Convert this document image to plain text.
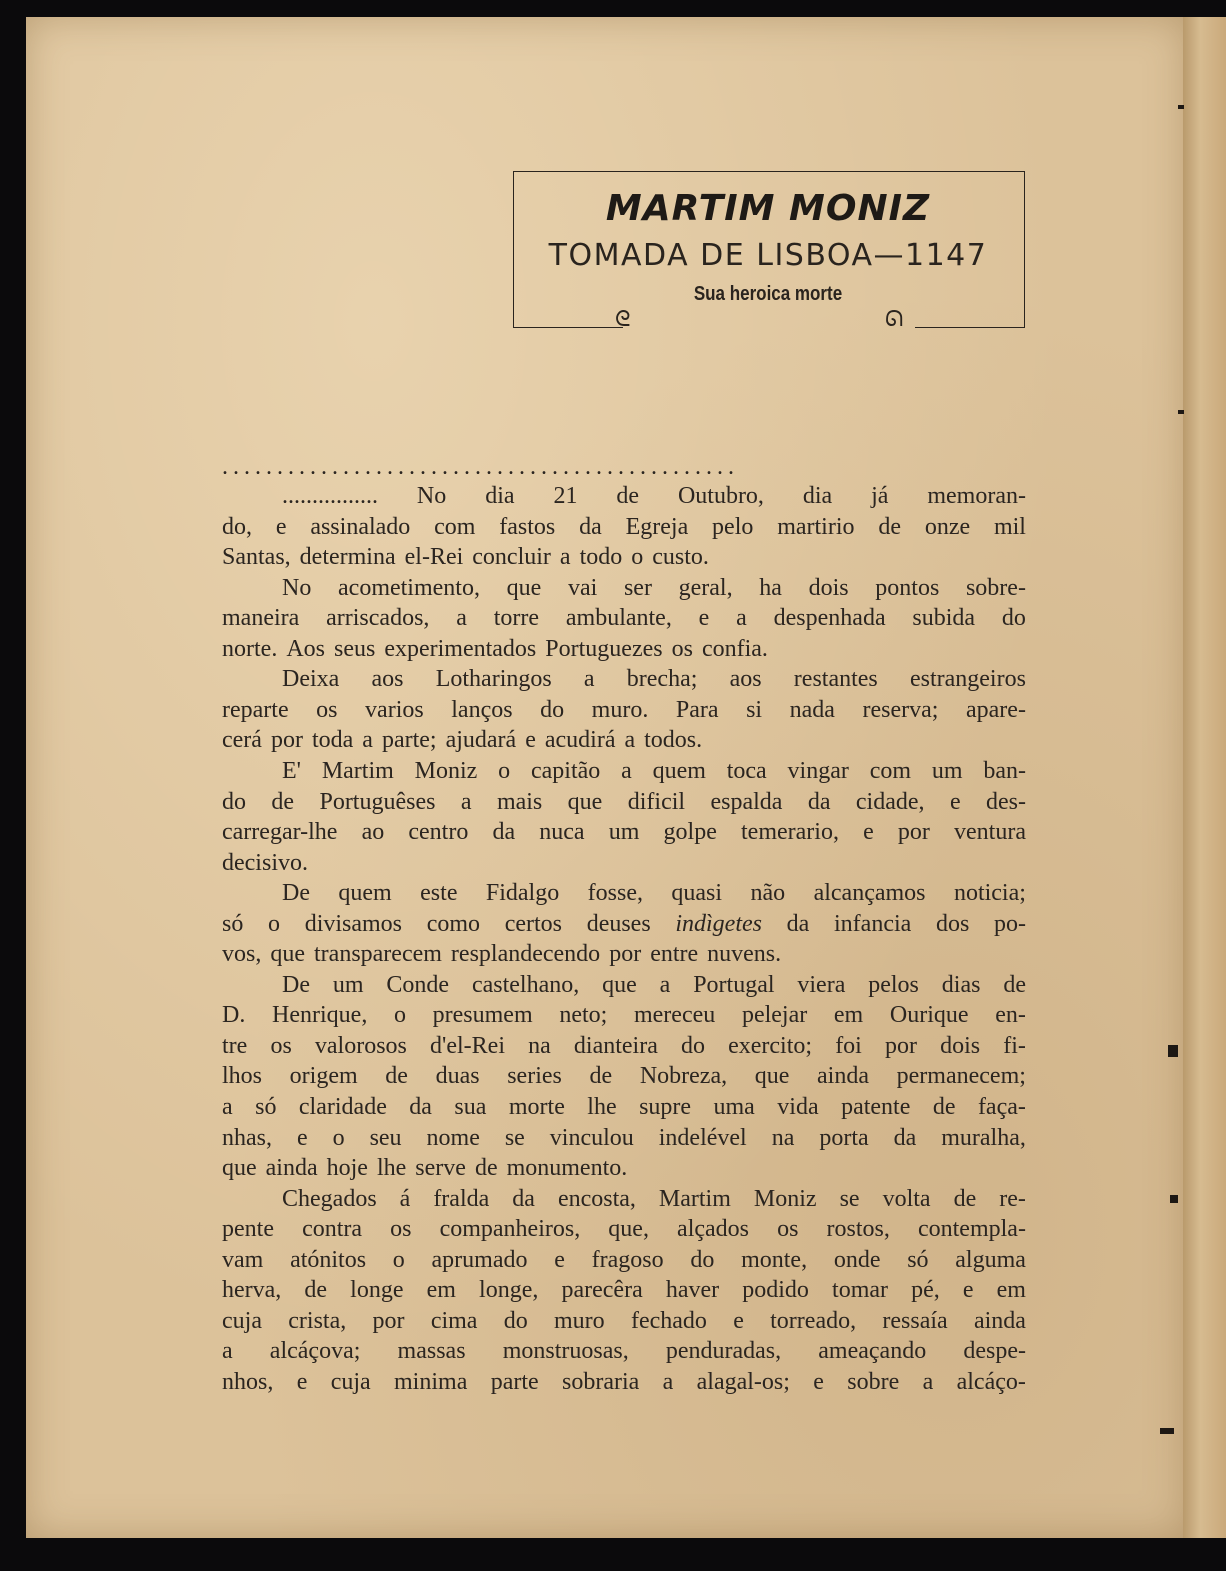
ᘓ	ᘏ
MARTIM MONIZ
TOMADA DE LISBOA—1147
Sua heroica morte
...............................................
................ No dia 21 de Outubro, dia já memoran-
do, e assinalado com fastos da Egreja pelo martirio de onze mil
Santas, determina el-Rei concluir a todo o custo.
No acometimento, que vai ser geral, ha dois pontos sobre-
maneira arriscados, a torre ambulante, e a despenhada subida do
norte. Aos seus experimentados Portuguezes os confia.
Deixa aos Lotharingos a brecha; aos restantes estrangeiros
reparte os varios lanços do muro. Para si nada reserva; apare-
cerá por toda a parte; ajudará e acudirá a todos.
E' Martim Moniz o capitão a quem toca vingar com um ban-
do de Portuguêses a mais que dificil espalda da cidade, e des-
carregar-lhe ao centro da nuca um golpe temerario, e por ventura
decisivo.
De quem este Fidalgo fosse, quasi não alcançamos noticia;
só o divisamos como certos deuses indìgetes da infancia dos po-
vos, que transparecem resplandecendo por entre nuvens.
De um Conde castelhano, que a Portugal viera pelos dias de
D. Henrique, o presumem neto; mereceu pelejar em Ourique en-
tre os valorosos d'el-Rei na dianteira do exercito; foi por dois fi-
lhos origem de duas series de Nobreza, que ainda permanecem;
a só claridade da sua morte lhe supre uma vida patente de faça-
nhas, e o seu nome se vinculou indelével na porta da muralha,
que ainda hoje lhe serve de monumento.
Chegados á fralda da encosta, Martim Moniz se volta de re-
pente contra os companheiros, que, alçados os rostos, contempla-
vam atónitos o aprumado e fragoso do monte, onde só alguma
herva, de longe em longe, parecêra haver podido tomar pé, e em
cuja crista, por cima do muro fechado e torreado, ressaía ainda
a alcáçova; massas monstruosas, penduradas, ameaçando despe-
nhos, e cuja minima parte sobraria a alagal-os; e sobre a alcáço-
